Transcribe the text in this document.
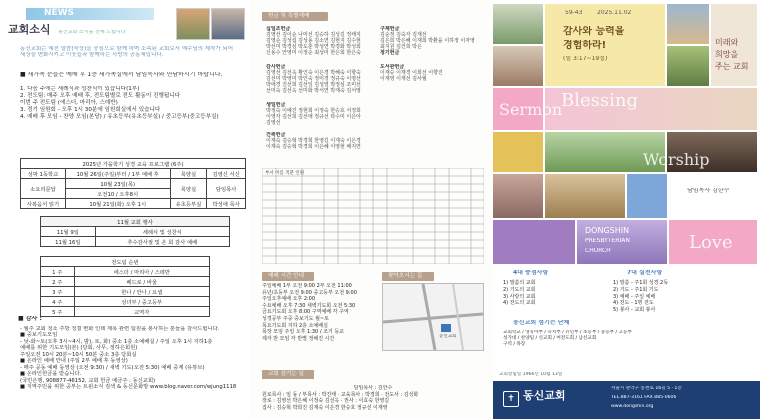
NEWS
교회소식 동신교회 소식을 전해 드립니다
동신교회는 예전 말씀(묵상)을 중심으로 함께 하며 소속된 교회로서 예수님의 제자가 되어
세상을 변화시키고 이웃들과 함께하는 사랑의 공동체입니다.
■ 새가족 분들은 예배 후 1층 새가족실에서 담임목사와 면담하시기 바랍니다.
1. 다음 주에는 세례식과 성찬식이 있습니다(1부)
2. 전도팀: 매주 오후 예배 후, 전도팀별로 전도 활동이 진행됩니다
이번 주 전도팀 (에스더, 마리아, 스데반)
3. 정기 임원회 - 오후 1시 30분에 임원회실에서 있습니다
4. 예배 후 모임 - 찬양 모임(본당) / 유초등부(유초등부실) / 중고등부(중고등부실)
2025년 가을학기 성경 교육 프로그램 (6주)			
성막 1독학교	10월 26일(주일)부터 / 1부 예배 후	목양실	김영신 서신
소요리문답	10월 23일(목)	목양실	담임목사
	오전10 / 오후8시		
사복음서 읽기	10월 21일(화) 오후 1시	유초등부실	박성애 목사
11월 교회 행사	
11월 9일	세례식 및 성찬식
11월 16일	추수감사절 및 온 회 감사 예배
전도팀 순번	
1 주	에스더 / 마리아 / 스데반
2 주	베드로 / 바울
3 주	한나 / 안나 / 요셉
4 주	성녀부 / 중고등부
5 주	교역자
■ 감사 :
- 월주 교회 청소 주방 청결 변화 인테 제목 관련 팀원을 봉사하는 분들을 감사드립니다.
■ 중보기도모임
- 낮-화~토(오후 3시~4시, 밤), 토, 화) 중소 1층 소예배실 / 주일 오후 1시 지하1층
예배를 위한 기도모임(본) (당회, 사무, 정하은회원)
주일오전 10시 20분~10시 50분 중소 3층 당회실
■ 온라인 예배 안내 (주일 2부 예배 후 동영상)
- 매주 공동 예배 동영상 (오전 9:30) / 새벽 기도(오전 5:30) 예배 중계 (유튜브)
■ 온라인헌금을 받습니다.
(국민은행, 908877-46152, 교회 헌금 예금주 : 동신교회)
■ 지역주민을 위한 공부는 트윈소식 검색 & 동신문화방 www.blog.naver.com/wjung1118
헌금 및 특별예배
십일조헌금
김영선 김이순 나미선 김승하 김성길 정태지
김영순 김성섭 김성용 김소연 김현지 김수현
박선미 박경심 박도훈 박성연 박경화 박성희
신용수 안영미 이정순 최성미 한은희 한은숙
감사헌금
김영선 김선옥 황인숙 이은경 박혜숙 이향숙
김선미 박영미 박인숙 정미경 정규숙 이영선
박애경 진선희 김선일 김성열 박정심 조미선
선미숙 김선옥 선미화 박서연 박재숙 김서영
생일헌금
박정숙 이예진 정현희 이정숙 한승호 서정희
이영자 김선희 김선애 정규선 곽수미 이은아
김영선
건축헌금
이재숙 김승혁 박경희 한영길 이재숙 이은경
이재숙 김승혁 박경희 이은혜 이영현 배지연
구제헌금
김순정 김숙자 김재선
김은희 박은혜 이재희 박환을 이하정 이자영
최지원 김건희 박은
정기헌금
도서관헌금
이재승 이재경 이희선 이향진
이재영 이재선 김사월
부서 이름 직분 인원
예배 시간 안내	찾아오시는 길
주일예배 1부 오전 9:00 2부 오전 11:00
유년/초등부 오전 9:00 중고등부 오전 9:00
주일오후예배 오후 2:00
수요예배 오후 7:30 새벽기도회 오전 5:30
금요기도회 오후 8:00 구역예배 각 구역
성경공부 주중 중보기도 월~토
목요기도회 지하 2층 소예배실
목장 모임 주일 오후 1:30 / 조기 등교
제자 반 모임 각 반별 정해진 시간	동신교회
교회 섬기는 일
담임목사 : 김한수
원로목사 : 임 동 / 부목사 : 박진태 · 교육목사 : 박경희 · 전도사 : 김성화
장로 : 김영선 박은혜 이정숙 김선옥 · 권사 : 이효숙 한영길
집사 : 김승혁 박희진 김재숙 이은경 한승호 정규선 이재영
59-43 2025.11.02
감사와 능력을
경험하라!
(빌 3:17~19절)
미래와
희망을
주는 교회
Blessing
Sermon
Worship
담임목사 김한수
DONGSHIN
PRESBYTERIAN
CHURCH	Love
4대 중점사항
1) 말씀의 교회
2) 기도의 교회
3) 사랑의 교회
4) 전도의 교회
7대 실천사항
1) 말씀 - 주1회 성경 2독
2) 기도 - 주1회 기도
3) 예배 - 주일 예배
4) 전도 - 1명 전도
5) 봉사 - 교회 봉사
동신교회 섬기는 단체
교회학교 / 영유아부 / 유치부 / 유년부 / 초등부 / 중등부 / 고등부
성가대 / 찬양팀 / 선교회 / 여전도회 / 남선교회
구역 / 목장
교회창립일 1966년 10월 13일
✝ 동신교회
서울시 관악구 봉천로 16길 5 · 1층
TEL.887-3161 FAX.885-0606
www.dongshin.org
